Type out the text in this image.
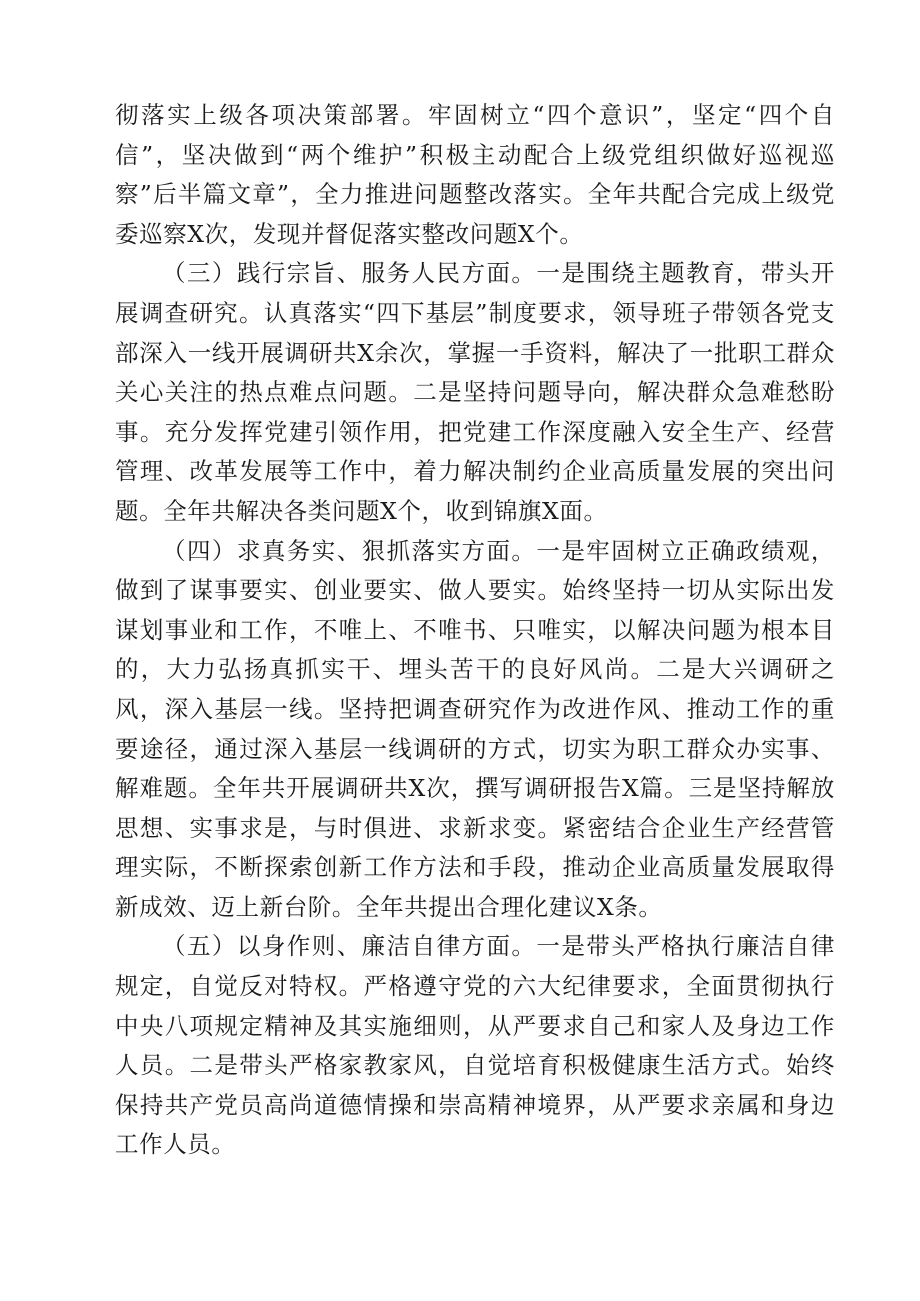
彻落实上级各项决策部署。牢固树立“四个意识”，坚定“四个自信”，坚决做到“两个维护”积极主动配合上级党组织做好巡视巡察”后半篇文章”，全力推进问题整改落实。全年共配合完成上级党委巡察X次，发现并督促落实整改问题X个。

（三）践行宗旨、服务人民方面。一是围绕主题教育，带头开展调查研究。认真落实“四下基层”制度要求，领导班子带领各党支部深入一线开展调研共X余次，掌握一手资料，解决了一批职工群众关心关注的热点难点问题。二是坚持问题导向，解决群众急难愁盼事。充分发挥党建引领作用，把党建工作深度融入安全生产、经营管理、改革发展等工作中，着力解决制约企业高质量发展的突出问题。全年共解决各类问题X个，收到锦旗X面。

（四）求真务实、狠抓落实方面。一是牢固树立正确政绩观，做到了谋事要实、创业要实、做人要实。始终坚持一切从实际出发谋划事业和工作，不唯上、不唯书、只唯实，以解决问题为根本目的，大力弘扬真抓实干、埋头苦干的良好风尚。二是大兴调研之风，深入基层一线。坚持把调查研究作为改进作风、推动工作的重要途径，通过深入基层一线调研的方式，切实为职工群众办实事、解难题。全年共开展调研共X次，撰写调研报告X篇。三是坚持解放思想、实事求是，与时俱进、求新求变。紧密结合企业生产经营管理实际，不断探索创新工作方法和手段，推动企业高质量发展取得新成效、迈上新台阶。全年共提出合理化建议X条。

（五）以身作则、廉洁自律方面。一是带头严格执行廉洁自律规定，自觉反对特权。严格遵守党的六大纪律要求，全面贯彻执行中央八项规定精神及其实施细则，从严要求自己和家人及身边工作人员。二是带头严格家教家风，自觉培育积极健康生活方式。始终保持共产党员高尚道德情操和崇高精神境界，从严要求亲属和身边工作人员。
